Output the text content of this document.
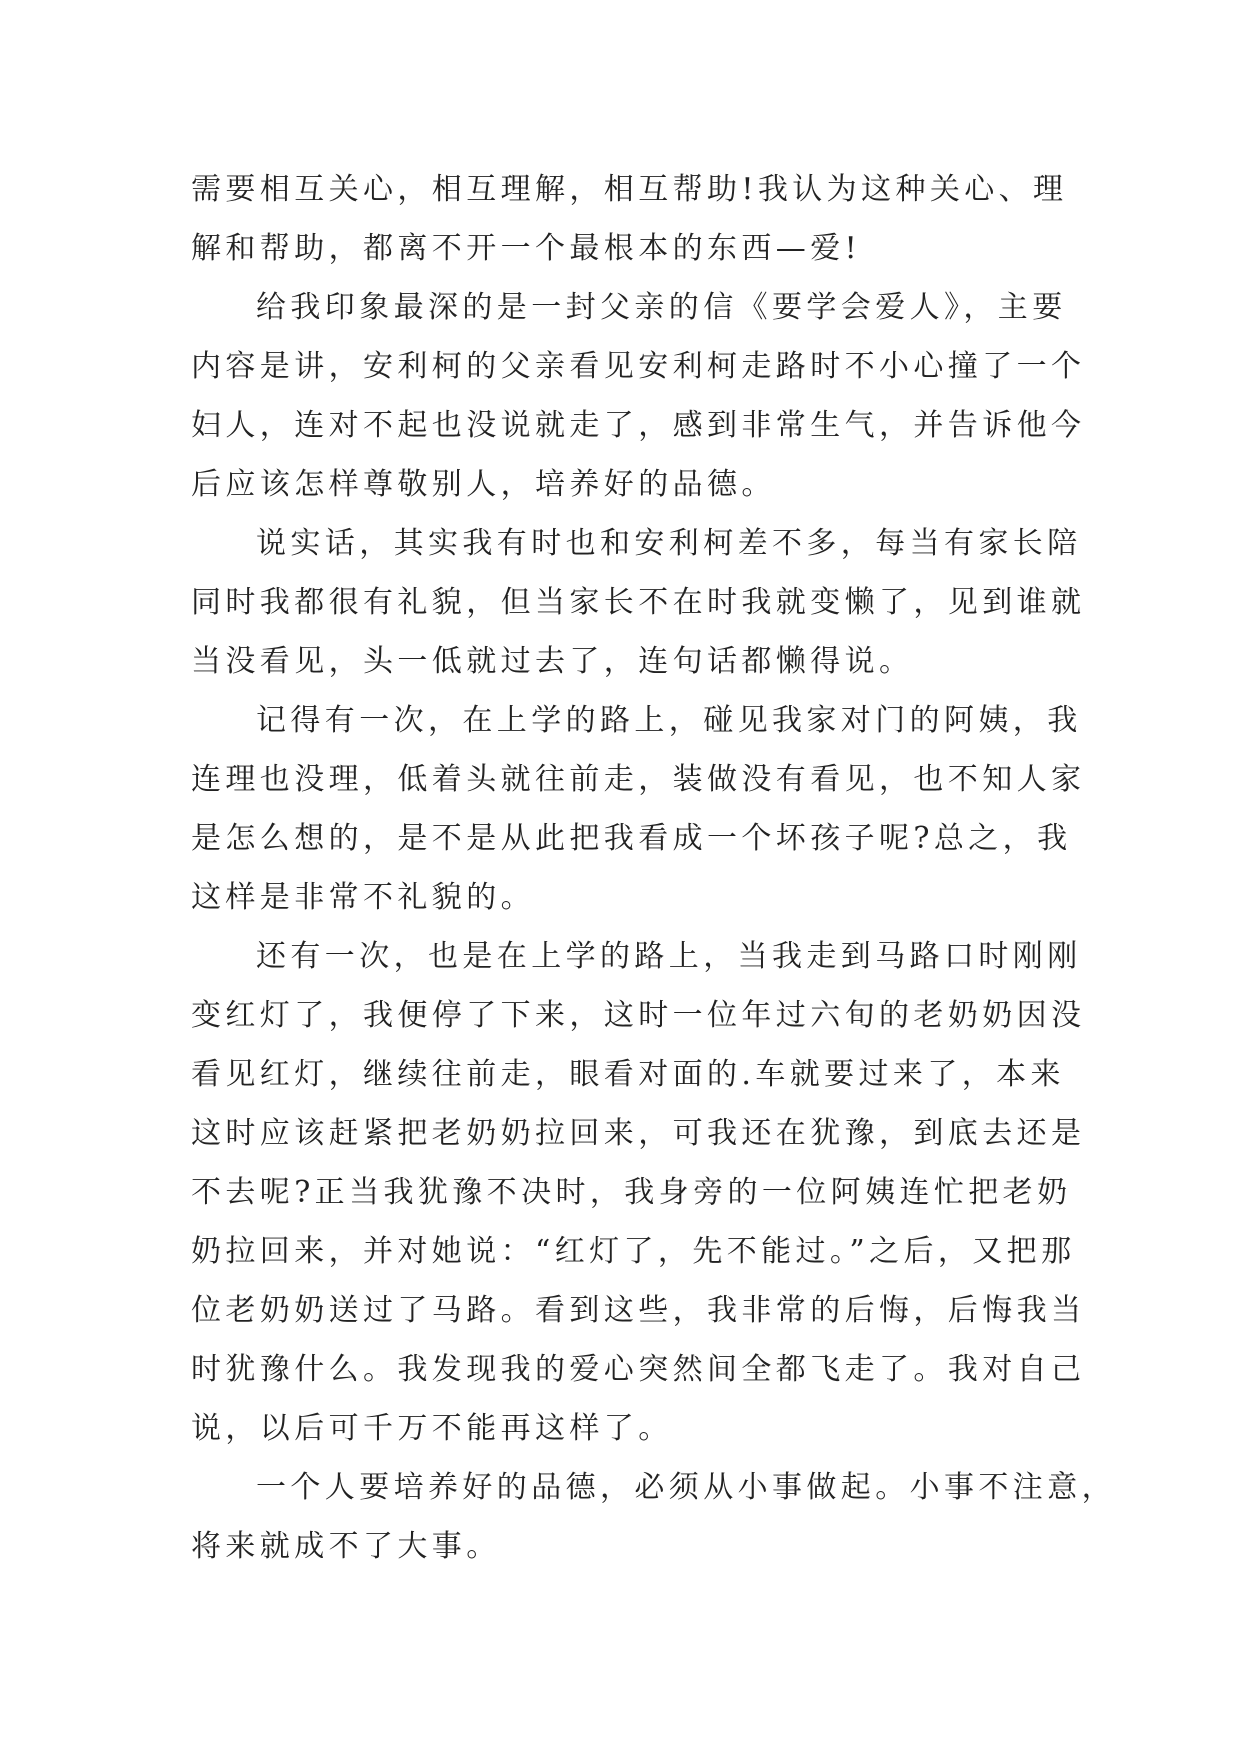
需要相互关心，相互理解，相互帮助!我认为这种关心、理
解和帮助，都离不开一个最根本的东西—爱!
给我印象最深的是一封父亲的信《要学会爱人》，主要
内容是讲，安利柯的父亲看见安利柯走路时不小心撞了一个
妇人，连对不起也没说就走了，感到非常生气，并告诉他今
后应该怎样尊敬别人，培养好的品德。
说实话，其实我有时也和安利柯差不多，每当有家长陪
同时我都很有礼貌，但当家长不在时我就变懒了，见到谁就
当没看见，头一低就过去了，连句话都懒得说。
记得有一次，在上学的路上，碰见我家对门的阿姨，我
连理也没理，低着头就往前走，装做没有看见，也不知人家
是怎么想的，是不是从此把我看成一个坏孩子呢?总之，我
这样是非常不礼貌的。
还有一次，也是在上学的路上，当我走到马路口时刚刚
变红灯了，我便停了下来，这时一位年过六旬的老奶奶因没
看见红灯，继续往前走，眼看对面的.车就要过来了，本来
这时应该赶紧把老奶奶拉回来，可我还在犹豫，到底去还是
不去呢?正当我犹豫不决时，我身旁的一位阿姨连忙把老奶
奶拉回来，并对她说：“红灯了，先不能过。”之后，又把那
位老奶奶送过了马路。看到这些，我非常的后悔，后悔我当
时犹豫什么。我发现我的爱心突然间全都飞走了。我对自己
说，以后可千万不能再这样了。
一个人要培养好的品德，必须从小事做起。小事不注意，
将来就成不了大事。
